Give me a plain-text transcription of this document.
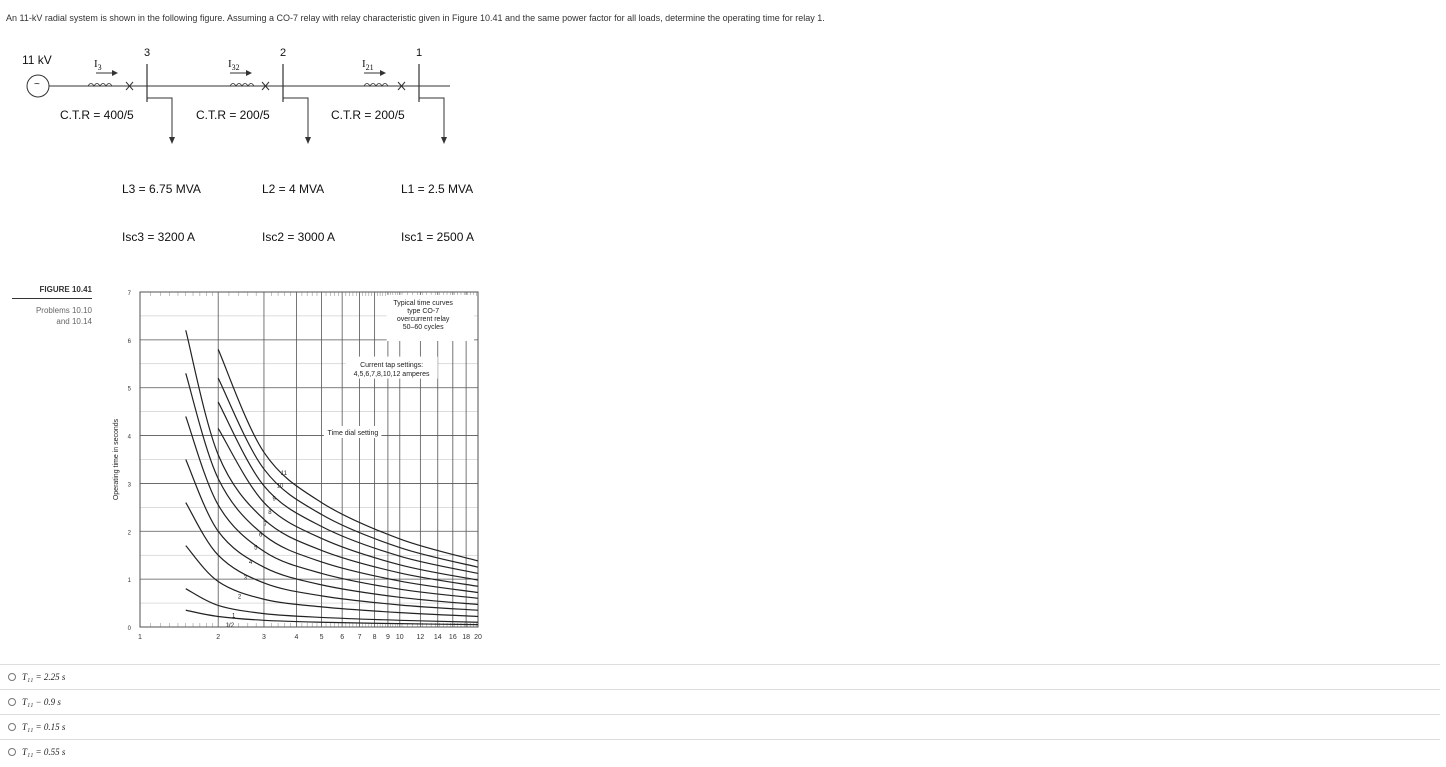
An 11-kV radial system is shown in the following figure. Assuming a CO-7 relay with relay characteristic given in Figure 10.41 and the same power factor for all loads, determine the operating time for relay 1.
11 kV
~
3	2	1
$I_3$	$I_{32}$	$I_{21}$
C.T.R = 400/5	C.T.R = 200/5	C.T.R = 200/5
L3 = 6.75 MVA	L2 = 4 MVA	L1 = 2.5 MVA
Isc3 = 3200 A	Isc2 = 3000 A	Isc1 = 2500 A
FIGURE 10.41
Problems 10.10
and 10.14
0
1
2
3
4
5
6
7
1	2	3	4	5 6 7 8 9 10 12 14 16 18 20
1/2
1
2
3
4
5
6
7
8
9
10
11
Operating time in seconds
Typical time curves
type CO-7
overcurrent relay
50–60 cycles
Current tap settings:
4,5,6,7,8,10,12 amperes
Time dial setting
T₁₁ = 2.25 s
T₁₁ − 0.9 s
T₁₁ = 0.15 s
T₁₁ = 0.55 s
